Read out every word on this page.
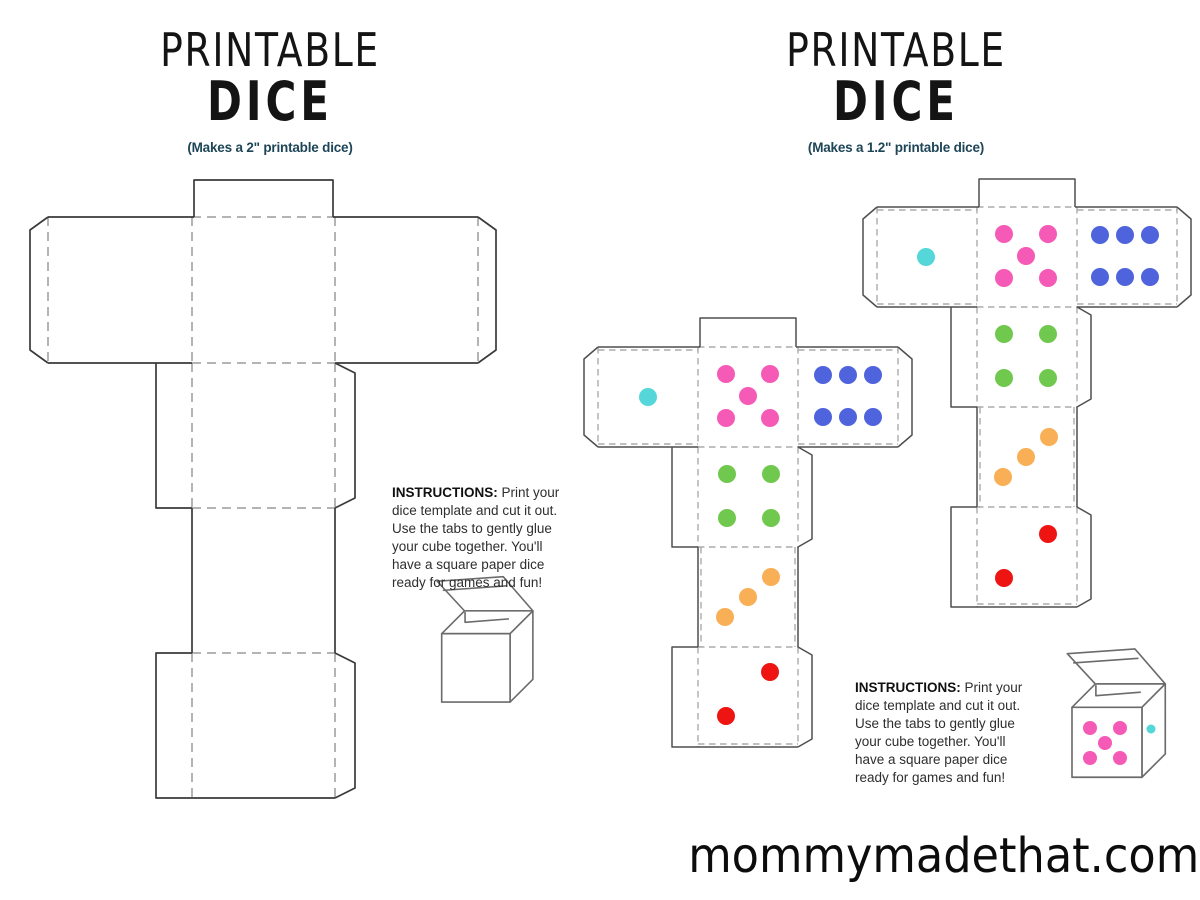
PRINTABLE
DICE
(Makes a 2" printable dice)
PRINTABLE
DICE
(Makes a 1.2" printable dice)
INSTRUCTIONS: Print your dice template and cut it out. Use the tabs to gently glue your cube together. You'll have a square paper dice ready for games and fun!
INSTRUCTIONS: Print your dice template and cut it out. Use the tabs to gently glue your cube together. You'll have a square paper dice ready for games and fun!
mommymadethat.com
